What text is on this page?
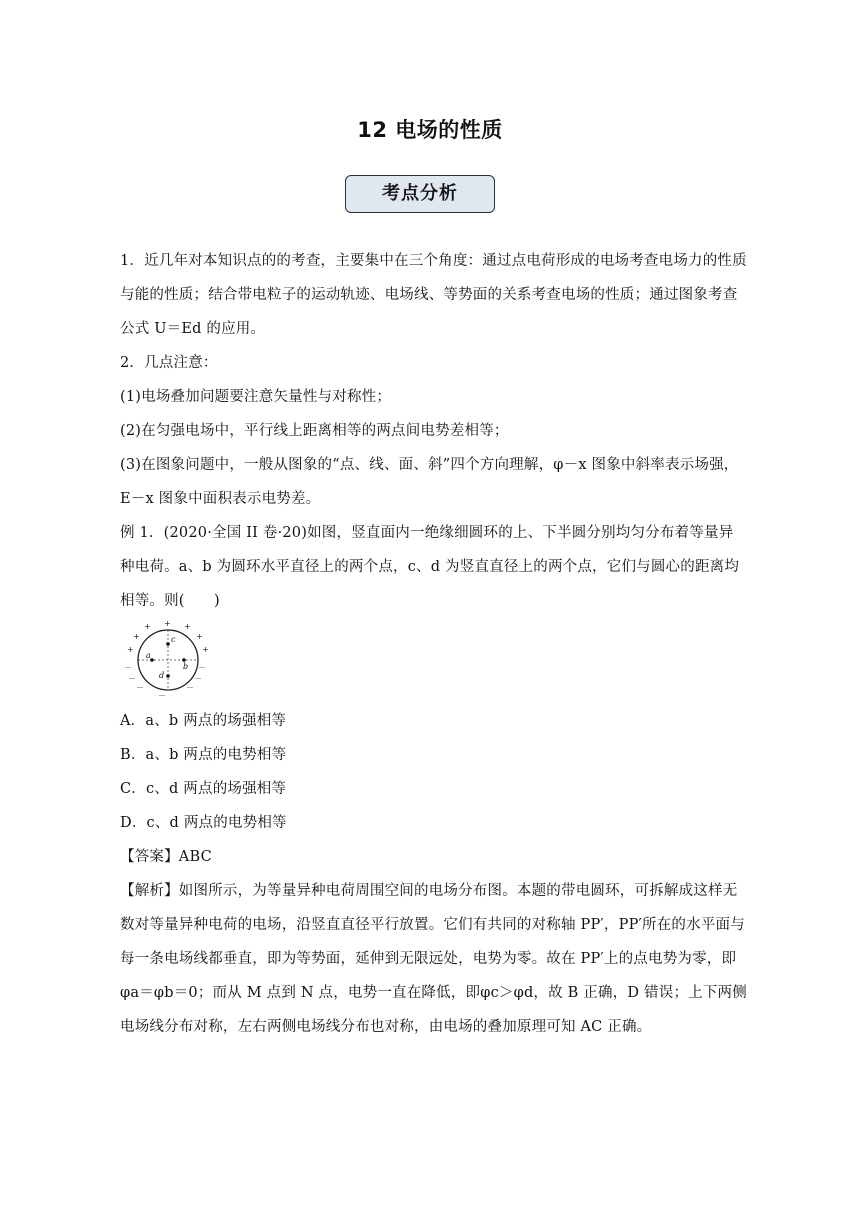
12 电场的性质
考点分析

1．近几年对本知识点的的考查，主要集中在三个角度：通过点电荷形成的电场考查电场力的性质与能的性质；结合带电粒子的运动轨迹、电场线、等势面的关系考查电场的性质；通过图象考查公式 U＝Ed 的应用。

2．几点注意：

(1)电场叠加问题要注意矢量性与对称性；

(2)在匀强电场中，平行线上距离相等的两点间电势差相等；

(3)在图象问题中，一般从图象的“点、线、面、斜”四个方向理解，φ－x 图象中斜率表示场强，E－x 图象中面积表示电势差。

例 1．(2020·全国 II 卷·20)如图，竖直面内一绝缘细圆环的上、下半圆分别均匀分布着等量异种电荷。a、b 为圆环水平直径上的两个点，c、d 为竖直直径上的两个点，它们与圆心的距离均相等。则(　　)

+ + +
+	+
+	+
－	－
－	－
－	－
－
a
b
c
d

A．a、b 两点的场强相等

B．a、b 两点的电势相等

C．c、d 两点的场强相等

D．c、d 两点的电势相等

【答案】ABC

【解析】如图所示，为等量异种电荷周围空间的电场分布图。本题的带电圆环，可拆解成这样无数对等量异种电荷的电场，沿竖直直径平行放置。它们有共同的对称轴 PP′，PP′所在的水平面与每一条电场线都垂直，即为等势面，延伸到无限远处，电势为零。故在 PP′上的点电势为零，即φa＝φb＝0；而从 M 点到 N 点，电势一直在降低，即φc＞φd，故 B 正确，D 错误；上下两侧电场线分布对称，左右两侧电场线分布也对称，由电场的叠加原理可知 AC 正确。
